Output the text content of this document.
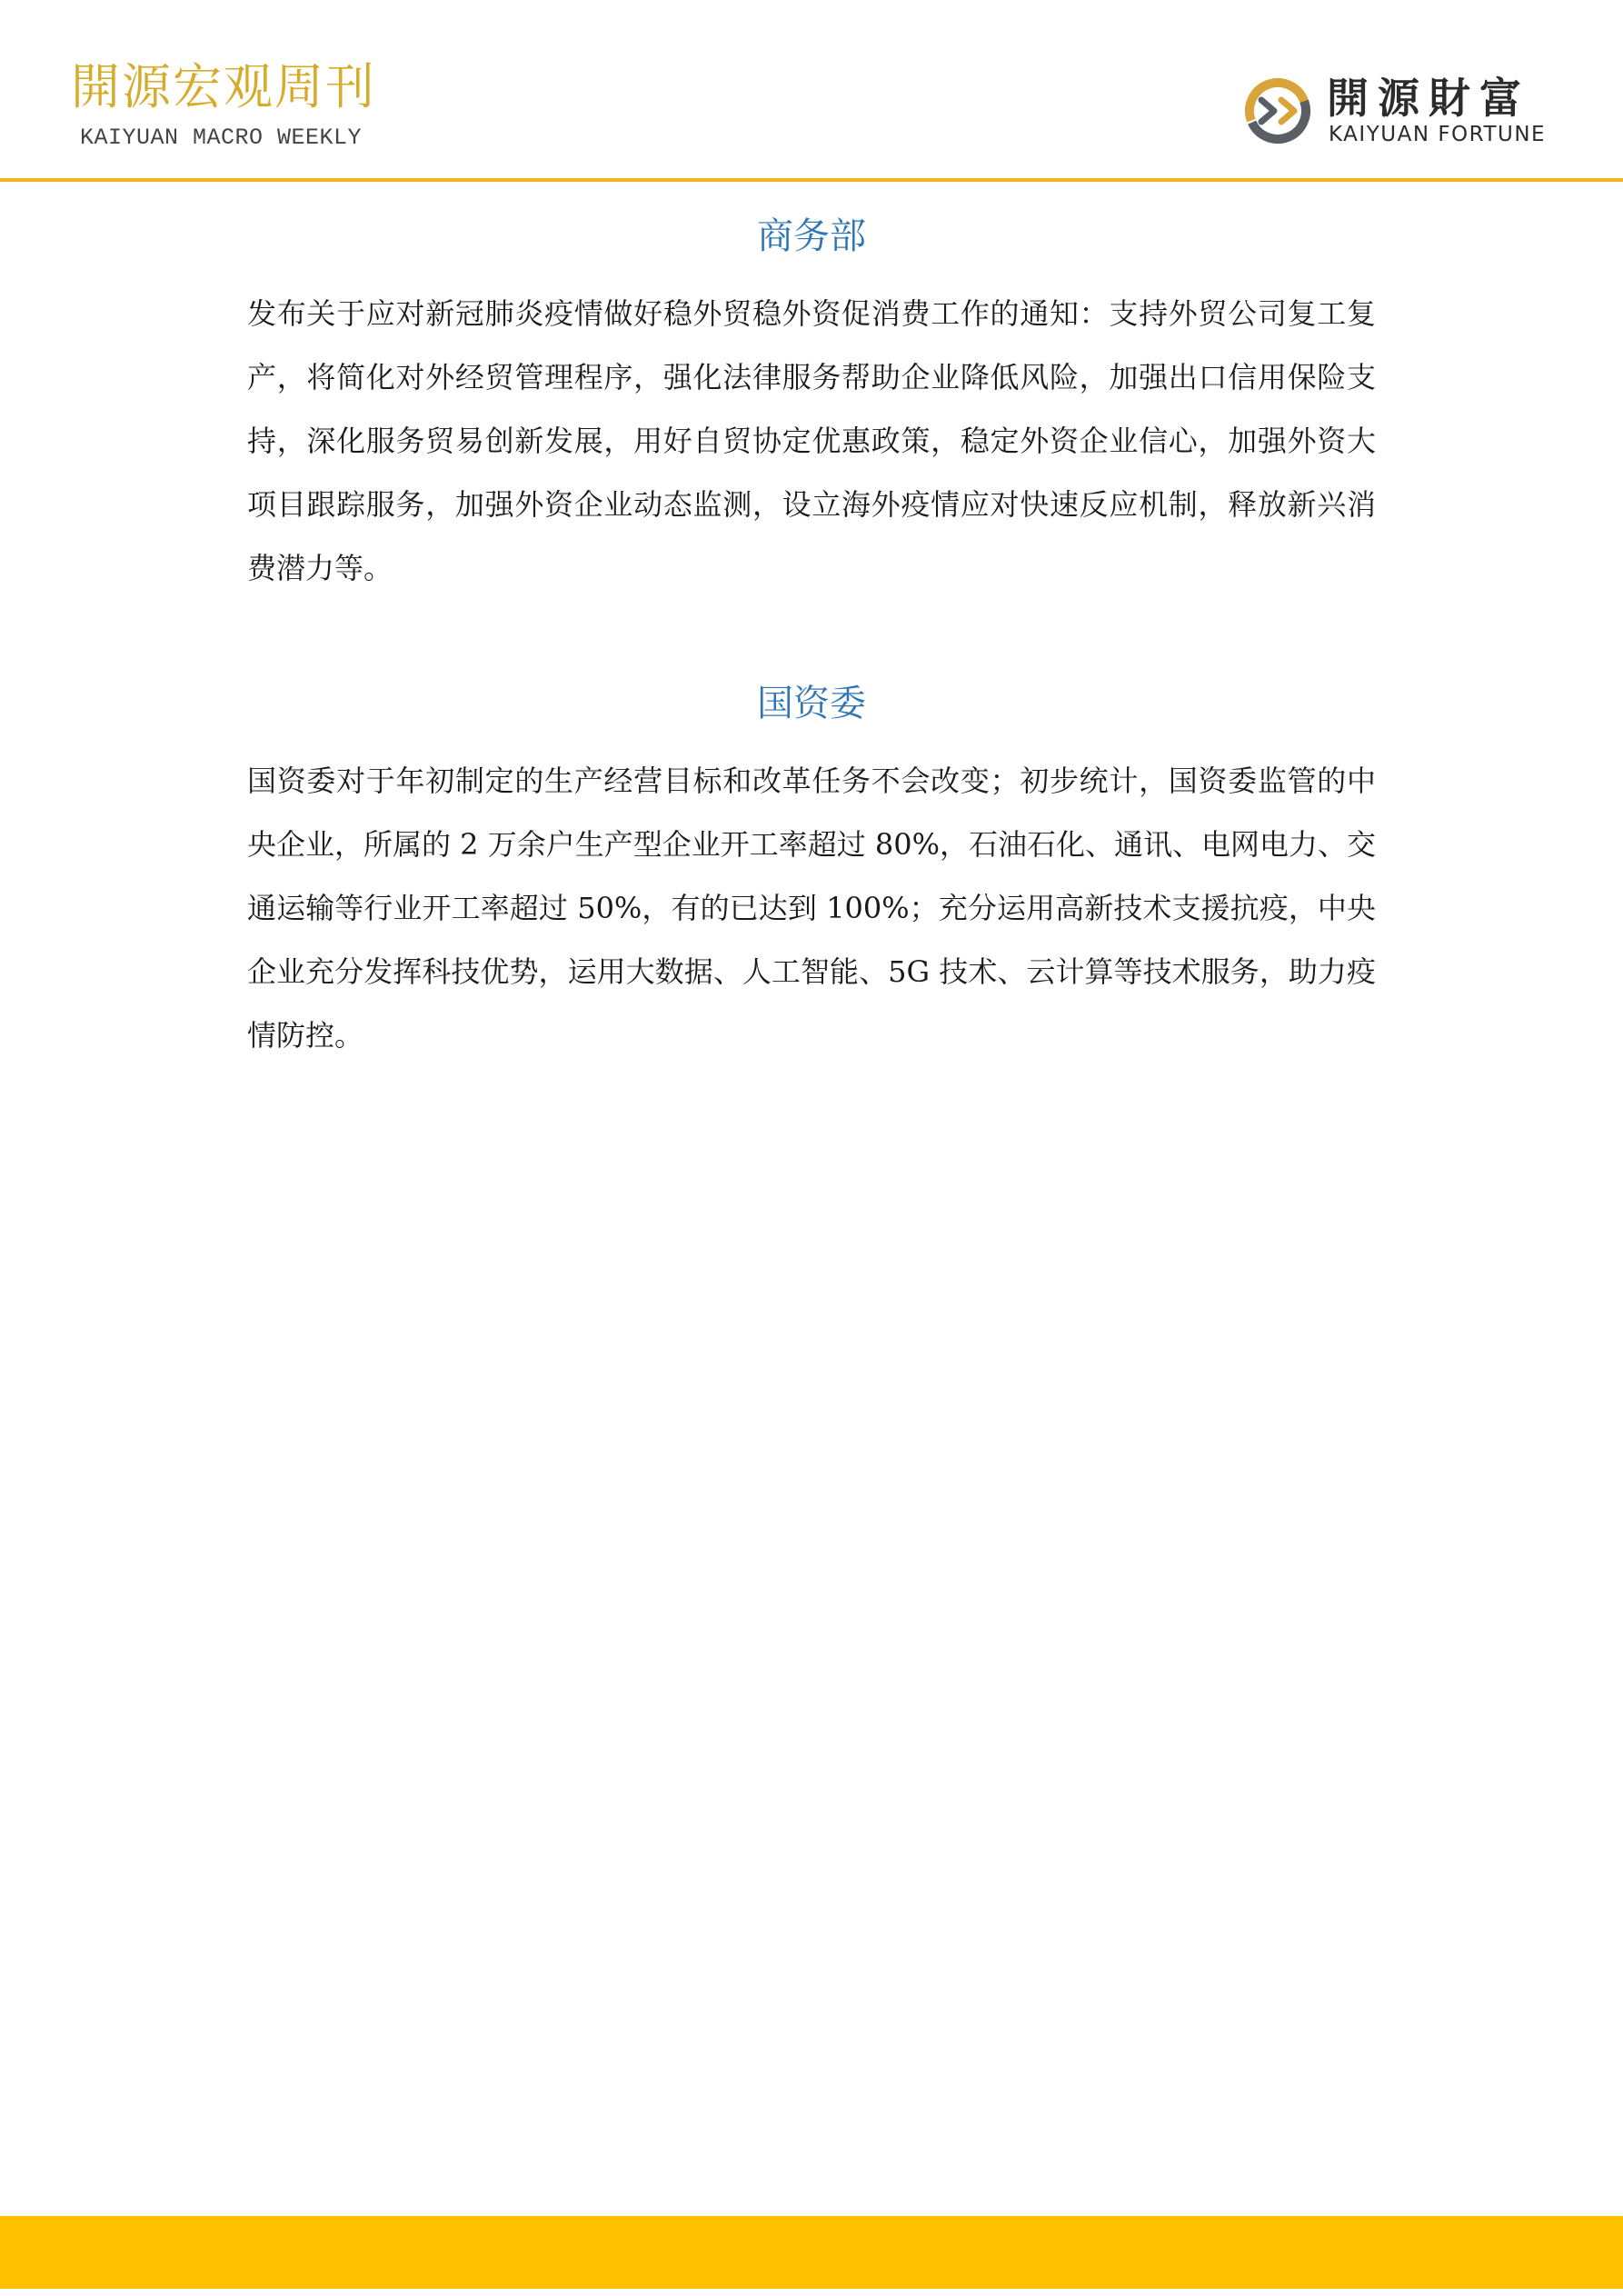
開源宏观周刊
KAIYUAN MACRO WEEKLY
開源財富
KAIYUAN FORTUNE
商务部

发布关于应对新冠肺炎疫情做好稳外贸稳外资促消费工作的通知：支持外贸公司复工复产，将简化对外经贸管理程序，强化法律服务帮助企业降低风险，加强出口信用保险支持，深化服务贸易创新发展，用好自贸协定优惠政策，稳定外资企业信心，加强外资大项目跟踪服务，加强外资企业动态监测，设立海外疫情应对快速反应机制，释放新兴消费潜力等。

国资委

国资委对于年初制定的生产经营目标和改革任务不会改变；初步统计，国资委监管的中央企业，所属的 2 万余户生产型企业开工率超过 80%，石油石化、通讯、电网电力、交通运输等行业开工率超过 50%，有的已达到 100%；充分运用高新技术支援抗疫，中央企业充分发挥科技优势，运用大数据、人工智能、5G 技术、云计算等技术服务，助力疫情防控。
